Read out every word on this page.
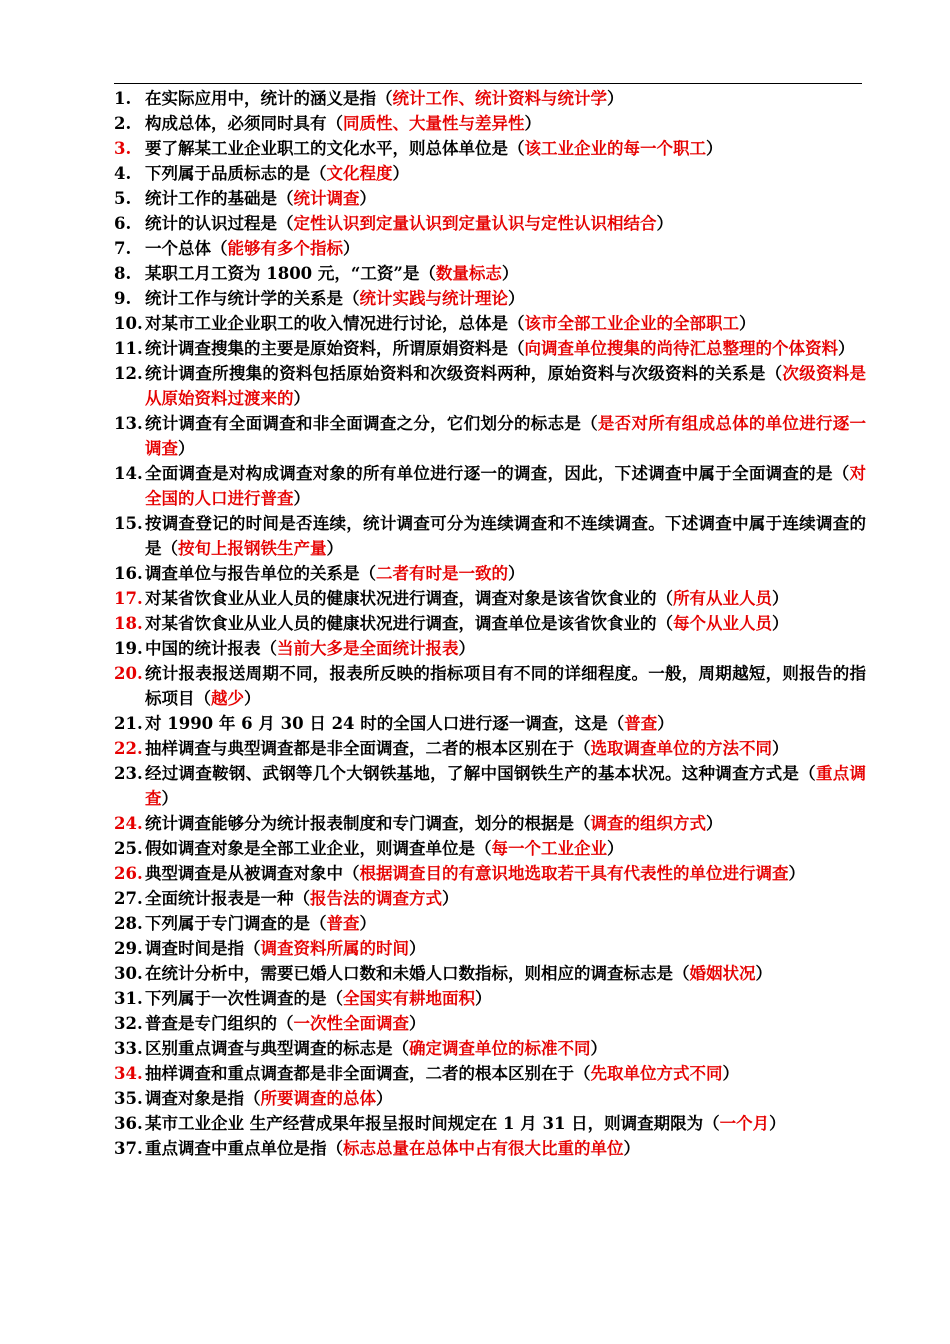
1. 在实际应用中，统计的涵义是指（统计工作、统计资料与统计学）
2. 构成总体，必须同时具有（同质性、大量性与差异性）
3. 要了解某工业企业职工的文化水平，则总体单位是（该工业企业的每一个职工）
4. 下列属于品质标志的是（文化程度）
5. 统计工作的基础是（统计调查）
6. 统计的认识过程是（定性认识到定量认识到定量认识与定性认识相结合）
7. 一个总体（能够有多个指标）
8. 某职工月工资为 1800 元，“工资”是（数量标志）
9. 统计工作与统计学的关系是（统计实践与统计理论）
10. 对某市工业企业职工的收入情况进行讨论，总体是（该市全部工业企业的全部职工）
11. 统计调查搜集的主要是原始资料，所谓原娟资料是（向调查单位搜集的尚待汇总整理的个体资料）
12. 统计调查所搜集的资料包括原始资料和次级资料两种，原始资料与次级资料的关系是（次级资料是从原始资料过渡来的）
13. 统计调查有全面调查和非全面调查之分，它们划分的标志是（是否对所有组成总体的单位进行逐一调查）
14. 全面调查是对构成调查对象的所有单位进行逐一的调查，因此，下述调查中属于全面调查的是（对全国的人口进行普查）
15. 按调查登记的时间是否连续，统计调查可分为连续调查和不连续调查。下述调查中属于连续调查的是（按旬上报钢铁生产量）
16. 调查单位与报告单位的关系是（二者有时是一致的）
17. 对某省饮食业从业人员的健康状况进行调查，调查对象是该省饮食业的（所有从业人员）
18. 对某省饮食业从业人员的健康状况进行调查，调查单位是该省饮食业的（每个从业人员）
19. 中国的统计报表（当前大多是全面统计报表）
20. 统计报表报送周期不同，报表所反映的指标项目有不同的详细程度。一般，周期越短，则报告的指标项目（越少）
21. 对 1990 年 6 月 30 日 24 时的全国人口进行逐一调查，这是（普查）
22. 抽样调查与典型调查都是非全面调查，二者的根本区别在于（选取调查单位的方法不同）
23. 经过调查鞍钢、武钢等几个大钢铁基地，了解中国钢铁生产的基本状况。这种调查方式是（重点调查）
24. 统计调查能够分为统计报表制度和专门调查，划分的根据是（调查的组织方式）
25. 假如调查对象是全部工业企业，则调查单位是（每一个工业企业）
26. 典型调查是从被调查对象中（根据调查目的有意识地选取若干具有代表性的单位进行调查）
27. 全面统计报表是一种（报告法的调查方式）
28. 下列属于专门调查的是（普查）
29. 调查时间是指（调查资料所属的时间）
30. 在统计分析中，需要已婚人口数和未婚人口数指标，则相应的调查标志是（婚姻状况）
31. 下列属于一次性调查的是（全国实有耕地面积）
32. 普查是专门组织的（一次性全面调查）
33. 区别重点调查与典型调查的标志是（确定调查单位的标准不同）
34. 抽样调查和重点调查都是非全面调查，二者的根本区别在于（先取单位方式不同）
35. 调查对象是指（所要调查的总体）
36. 某市工业企业 生产经营成果年报呈报时间规定在 1 月 31 日，则调查期限为（一个月）
37. 重点调查中重点单位是指（标志总量在总体中占有很大比重的单位）
